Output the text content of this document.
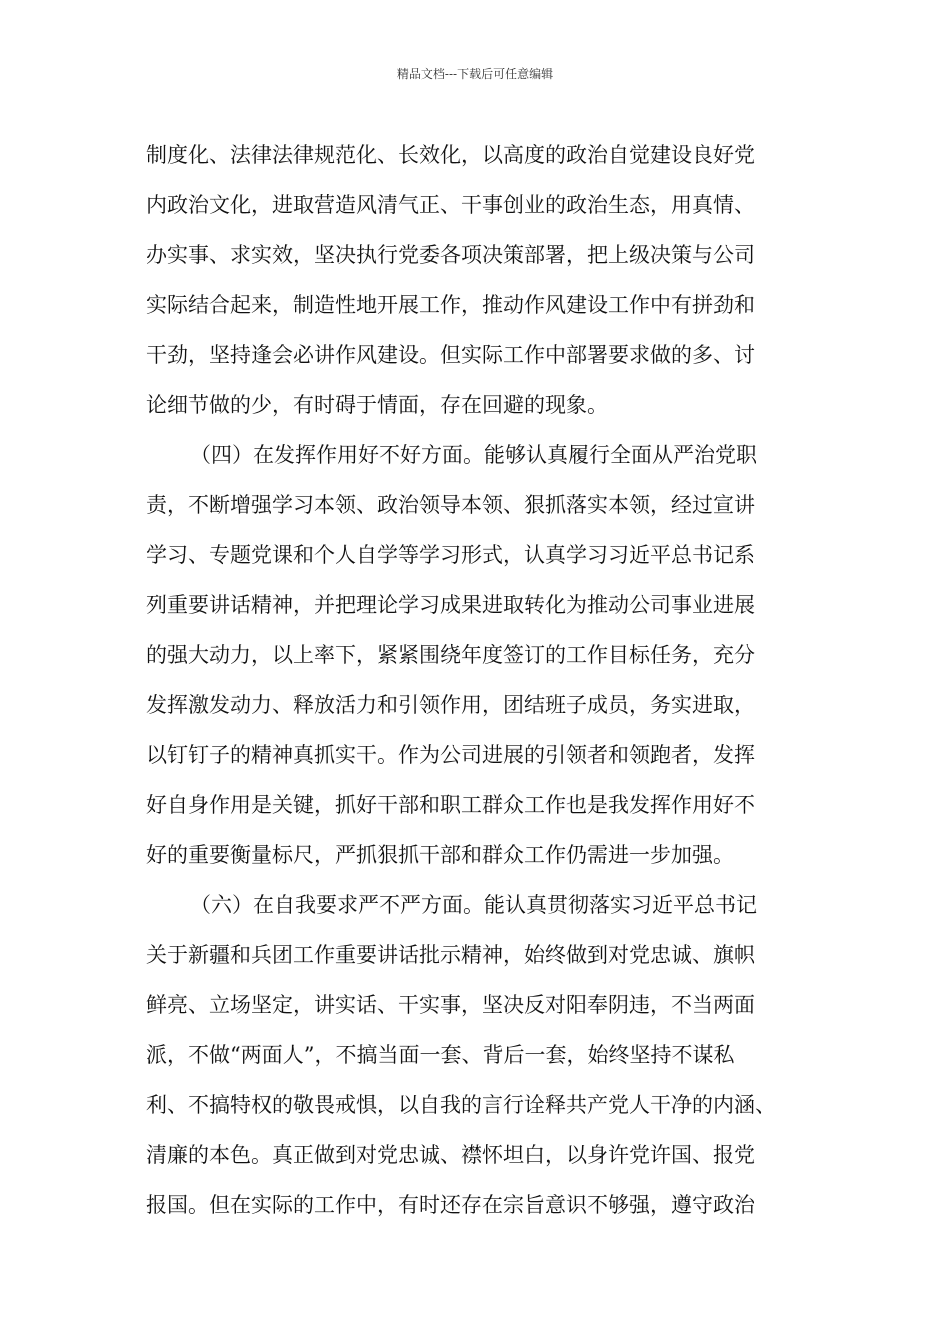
精品文档---下载后可任意编辑
制度化、法律法律规范化、长效化，以高度的政治自觉建设良好党
内政治文化，进取营造风清气正、干事创业的政治生态，用真情、
办实事、求实效，坚决执行党委各项决策部署，把上级决策与公司
实际结合起来，制造性地开展工作，推动作风建设工作中有拼劲和
干劲，坚持逢会必讲作风建设。但实际工作中部署要求做的多、讨
论细节做的少，有时碍于情面，存在回避的现象。
（四）在发挥作用好不好方面。能够认真履行全面从严治党职
责，不断增强学习本领、政治领导本领、狠抓落实本领，经过宣讲
学习、专题党课和个人自学等学习形式，认真学习习近平总书记系
列重要讲话精神，并把理论学习成果进取转化为推动公司事业进展
的强大动力，以上率下，紧紧围绕年度签订的工作目标任务，充分
发挥激发动力、释放活力和引领作用，团结班子成员，务实进取，
以钉钉子的精神真抓实干。作为公司进展的引领者和领跑者，发挥
好自身作用是关键，抓好干部和职工群众工作也是我发挥作用好不
好的重要衡量标尺，严抓狠抓干部和群众工作仍需进一步加强。
（六）在自我要求严不严方面。能认真贯彻落实习近平总书记
关于新疆和兵团工作重要讲话批示精神，始终做到对党忠诚、旗帜
鲜亮、立场坚定，讲实话、干实事，坚决反对阳奉阴违，不当两面
派，不做“两面人”，不搞当面一套、背后一套，始终坚持不谋私
利、不搞特权的敬畏戒惧，以自我的言行诠释共产党人干净的内涵、
清廉的本色。真正做到对党忠诚、襟怀坦白，以身许党许国、报党
报国。但在实际的工作中，有时还存在宗旨意识不够强，遵守政治
